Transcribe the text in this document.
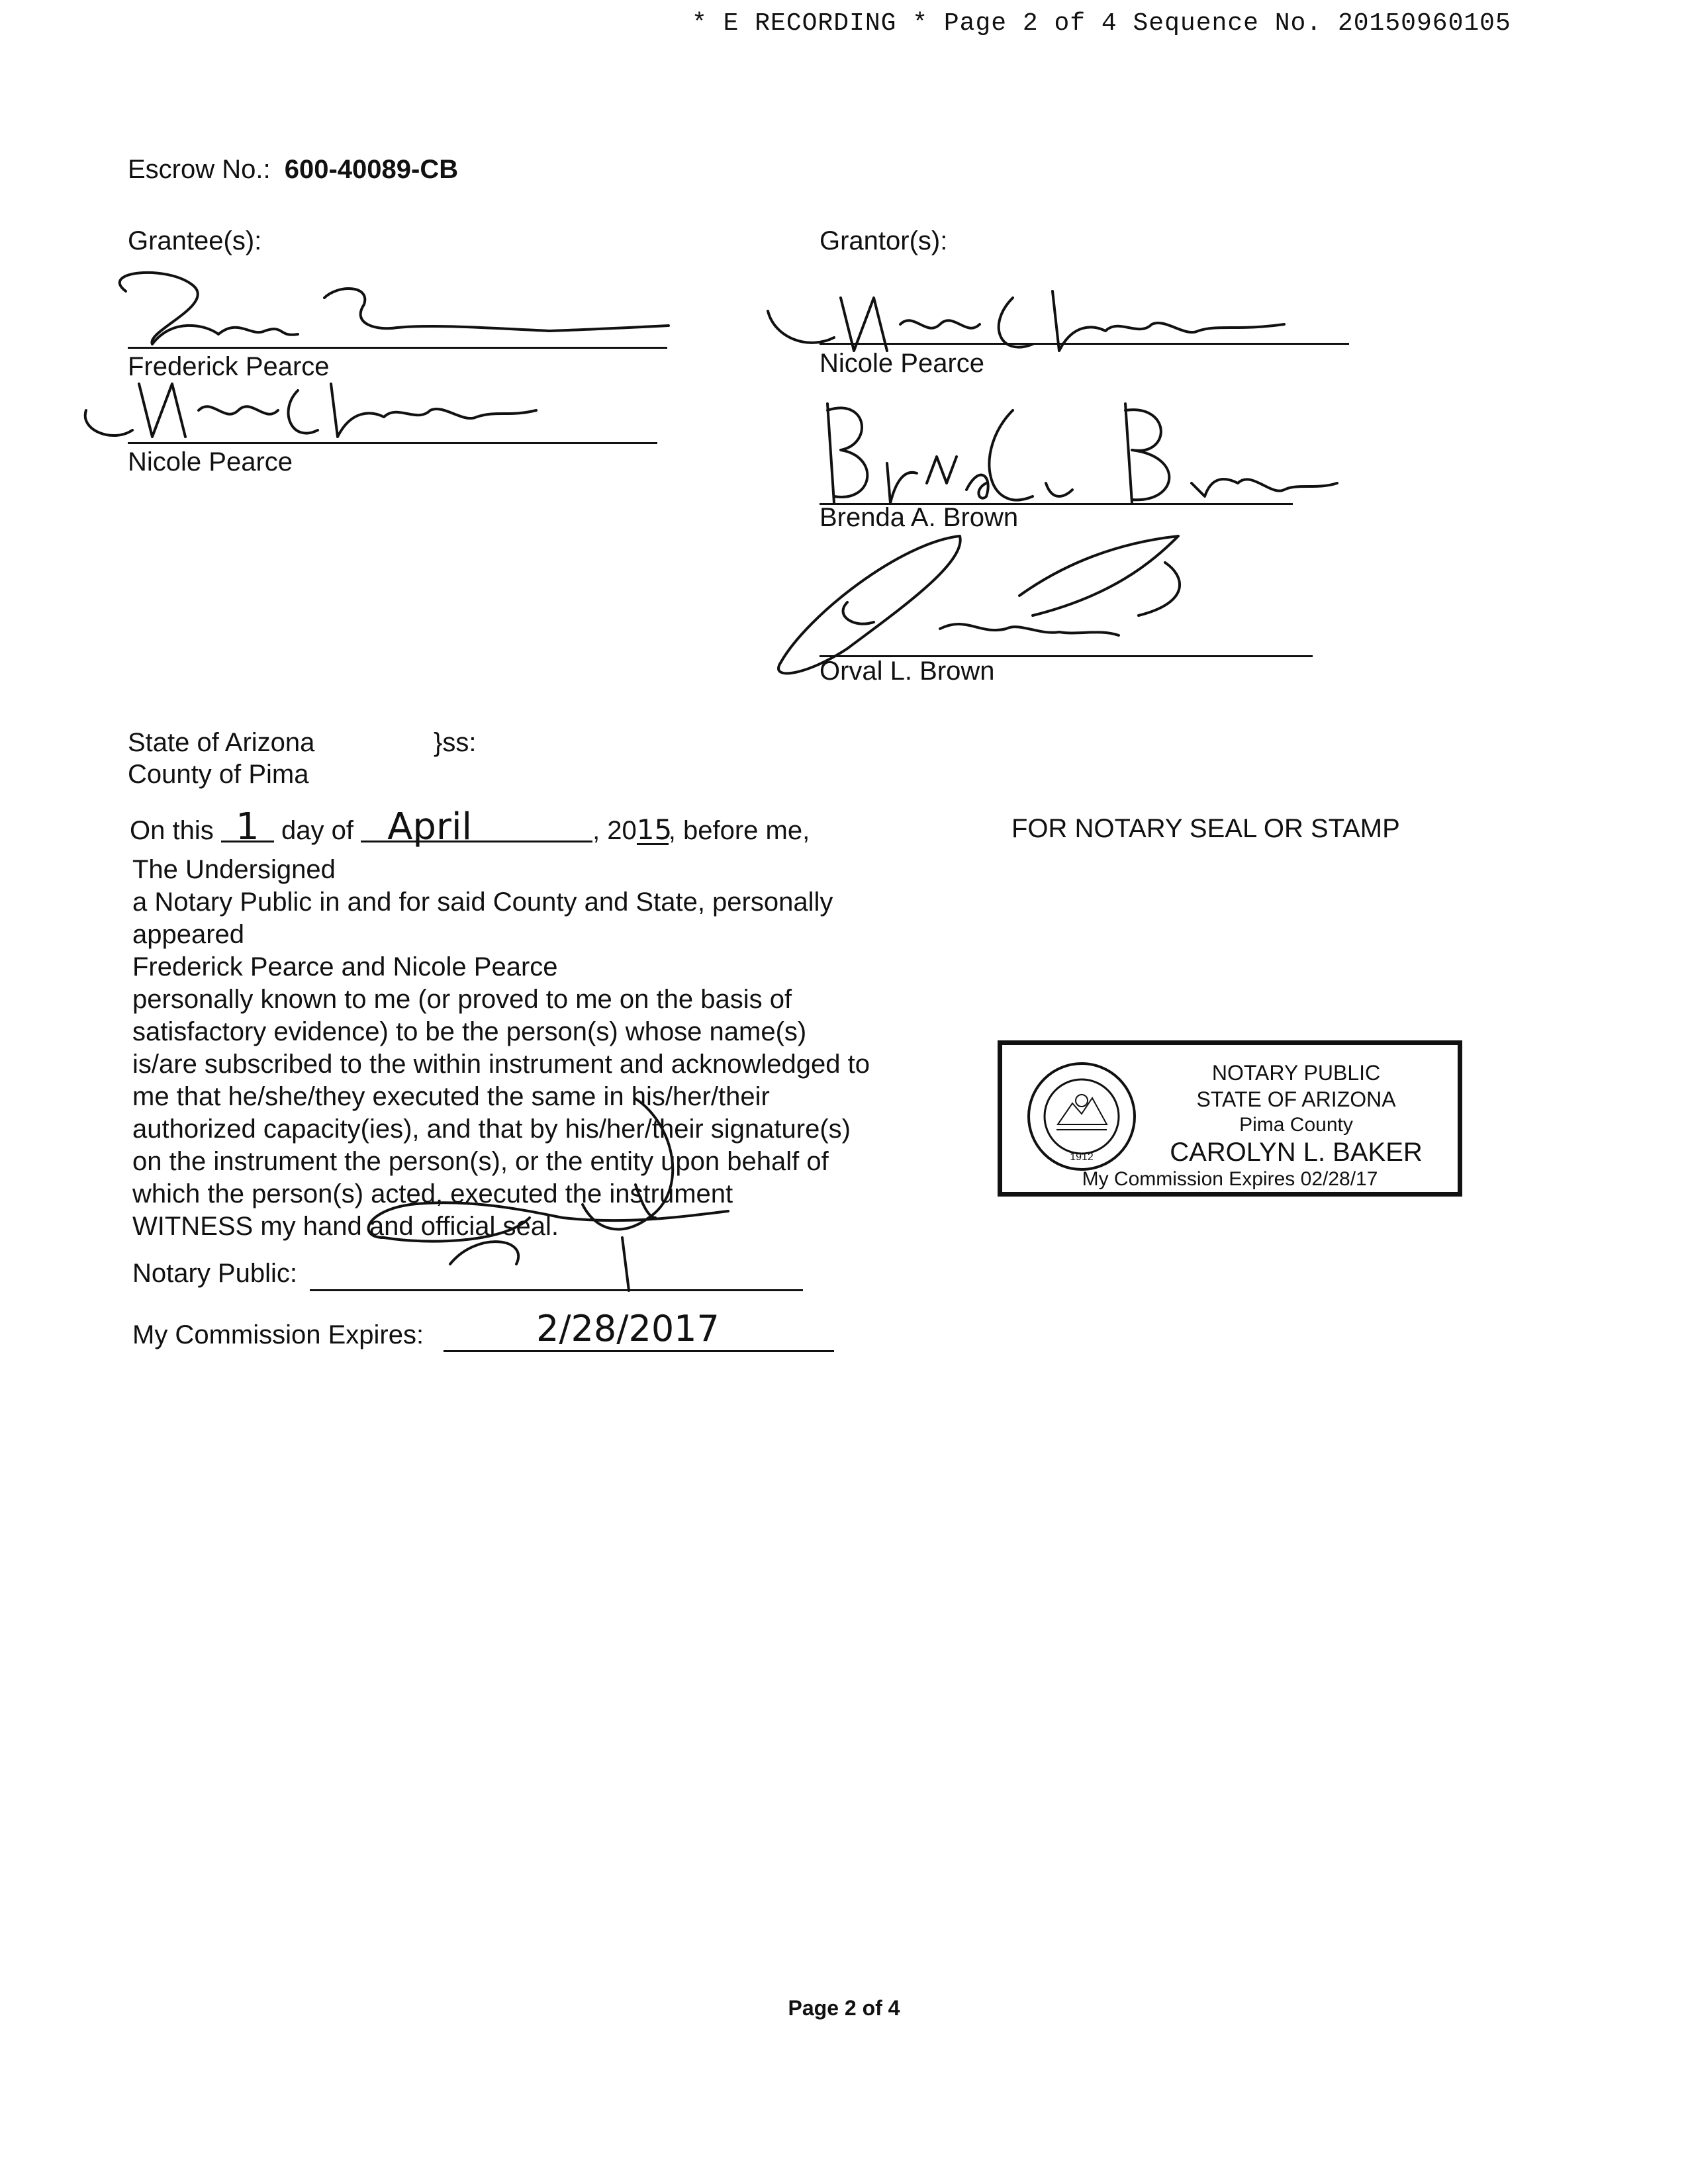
* E RECORDING * Page 2 of 4 Sequence No. 20150960105
Escrow No.: 600-40089-CB
Grantee(s):
Frederick Pearce
Nicole Pearce
Grantor(s):
Nicole Pearce
Brenda A. Brown
Orval L. Brown
State of Arizona	}ss:
County of Pima
FOR NOTARY SEAL OR STAMP
On this 1 day of April	, 2015, before me,
The Undersigned
a Notary Public in and for said County and State, personally
appeared
Frederick Pearce and Nicole Pearce
personally known to me (or proved to me on the basis of
satisfactory evidence) to be the person(s) whose name(s)
is/are subscribed to the within instrument and acknowledged to
me that he/she/they executed the same in his/her/their
authorized capacity(ies), and that by his/her/their signature(s)
on the instrument the person(s), or the entity upon behalf of
which the person(s) acted, executed the instrument
WITNESS my hand and official seal.
Notary Public:
My Commission Expires:	2/28/2017
1912
NOTARY PUBLIC
STATE OF ARIZONA
Pima County
CAROLYN L. BAKER
My Commission Expires 02/28/17
Page 2 of 4
